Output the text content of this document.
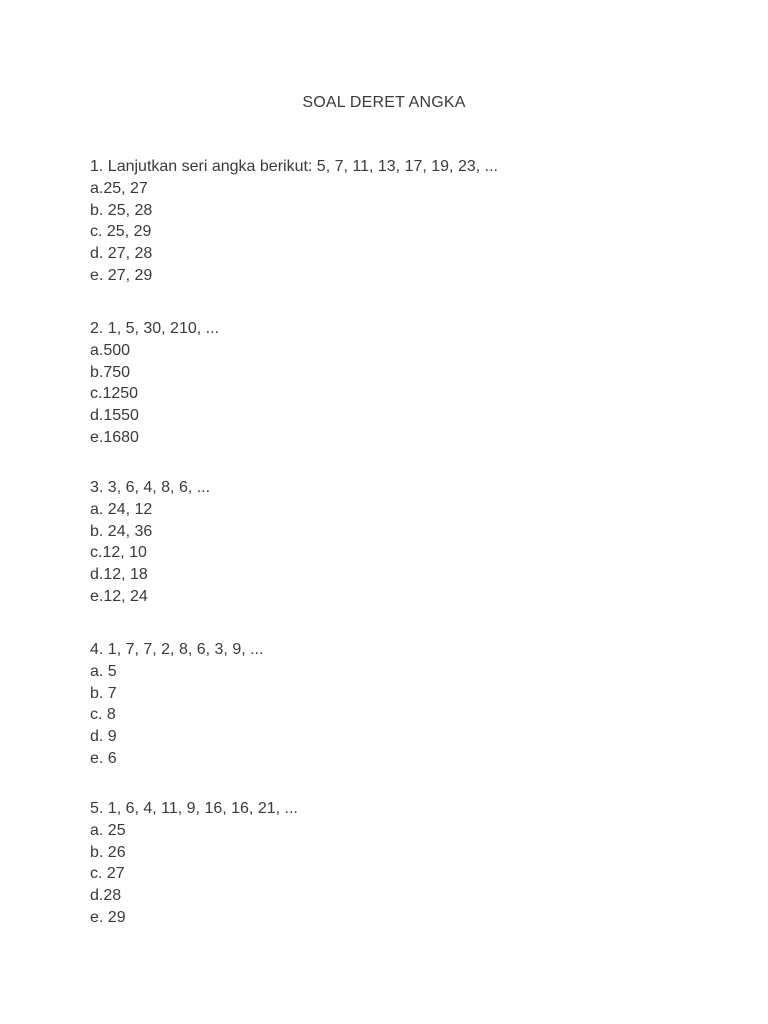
SOAL DERET ANGKA
1. Lanjutkan seri angka berikut: 5, 7, 11, 13, 17, 19, 23, ...
a.25, 27
b. 25, 28
c. 25, 29
d. 27, 28
e. 27, 29
2. 1, 5, 30, 210, ...
a.500
b.750
c.1250
d.1550
e.1680
3. 3, 6, 4, 8, 6, ...
a. 24, 12
b. 24, 36
c.12, 10
d.12, 18
e.12, 24
4. 1, 7, 7, 2, 8, 6, 3, 9, ...
a. 5
b. 7
c. 8
d. 9
e. 6
5. 1, 6, 4, 11, 9, 16, 16, 21, ...
a. 25
b. 26
c. 27
d.28
e. 29
